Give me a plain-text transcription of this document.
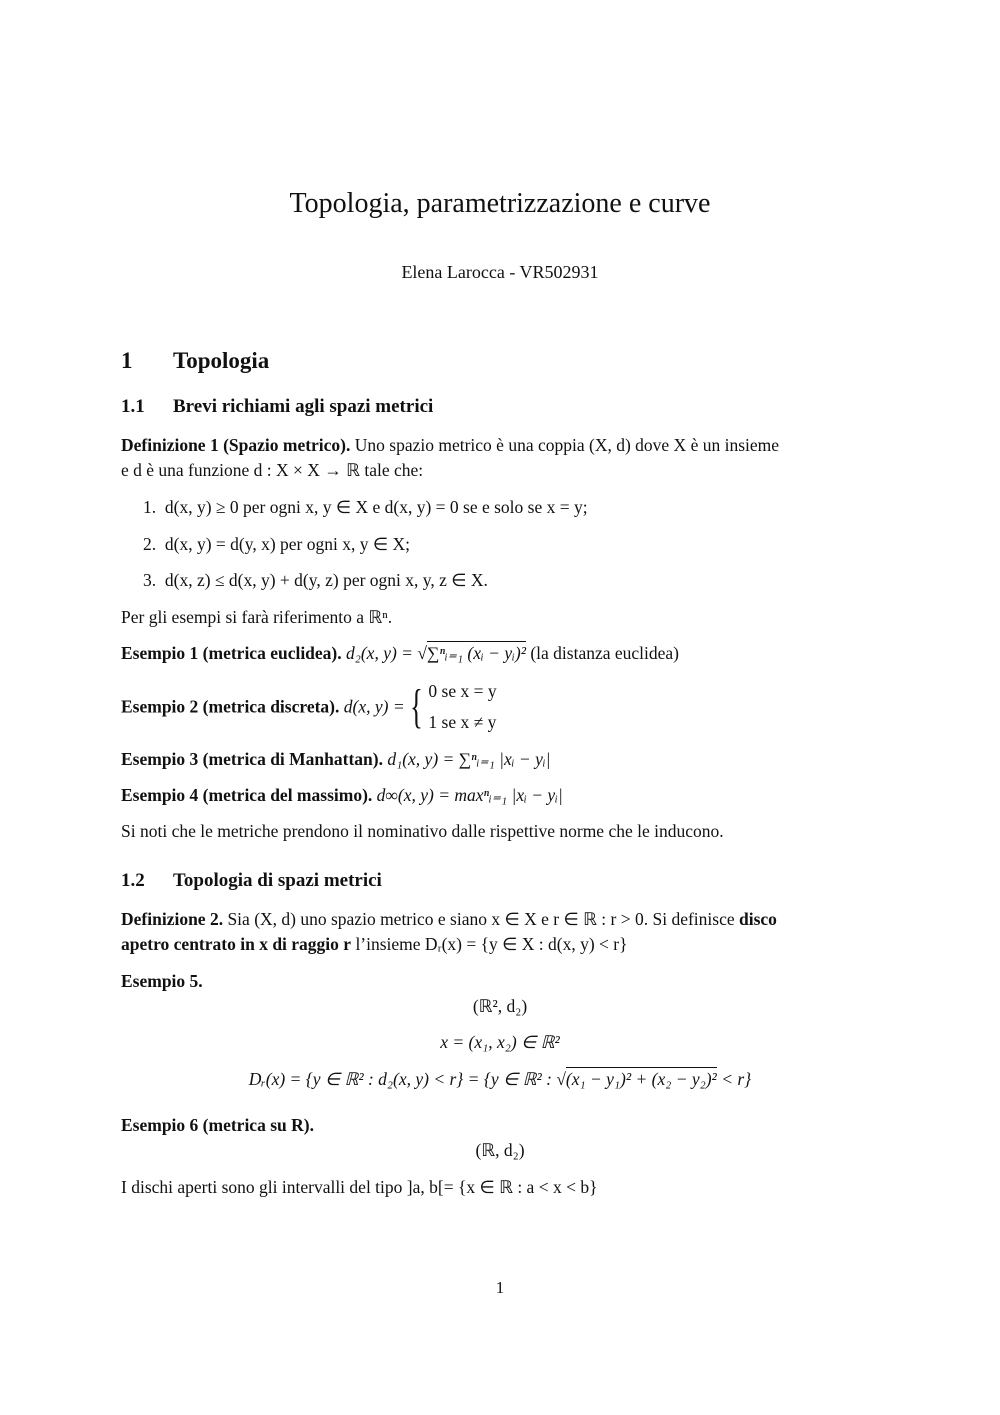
Topologia, parametrizzazione e curve
Elena Larocca - VR502931
1 Topologia
1.1 Brevi richiami agli spazi metrici
Definizione 1 (Spazio metrico). Uno spazio metrico è una coppia (X, d) dove X è un insieme
e d è una funzione d : X × X → ℝ tale che:
1. d(x, y) ≥ 0 per ogni x, y ∈ X e d(x, y) = 0 se e solo se x = y;
2. d(x, y) = d(y, x) per ogni x, y ∈ X;
3. d(x, z) ≤ d(x, y) + d(y, z) per ogni x, y, z ∈ X.
Per gli esempi si farà riferimento a ℝⁿ.
Esempio 1 (metrica euclidea). d₂(x, y) = √∑ⁿᵢ₌₁ (xᵢ − yᵢ)² (la distanza euclidea)
Esempio 2 (metrica discreta). d(x, y) = { 0 se x = y
1 se x ≠ y
Esempio 3 (metrica di Manhattan). d₁(x, y) = ∑ⁿᵢ₌₁ |xᵢ − yᵢ|
Esempio 4 (metrica del massimo). d∞(x, y) = maxⁿᵢ₌₁ |xᵢ − yᵢ|
Si noti che le metriche prendono il nominativo dalle rispettive norme che le inducono.
1.2 Topologia di spazi metrici
Definizione 2. Sia (X, d) uno spazio metrico e siano x ∈ X e r ∈ ℝ : r > 0. Si definisce disco
apetro centrato in x di raggio r l’insieme Dᵣ(x) = {y ∈ X : d(x, y) < r}
Esempio 5.
(ℝ², d₂)
x = (x₁, x₂) ∈ ℝ²
Dᵣ(x) = {y ∈ ℝ² : d₂(x, y) < r} = {y ∈ ℝ² : √(x₁ − y₁)² + (x₂ − y₂)² < r}
Esempio 6 (metrica su R).
(ℝ, d₂)
I dischi aperti sono gli intervalli del tipo ]a, b[= {x ∈ ℝ : a < x < b}
1
